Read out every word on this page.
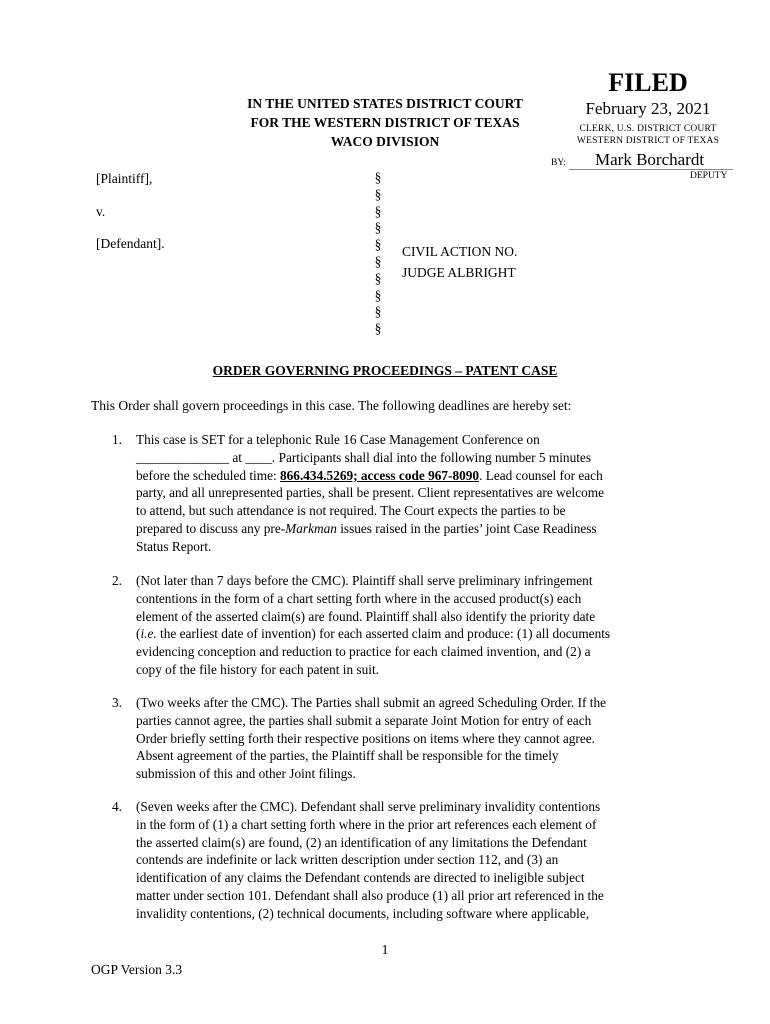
IN THE UNITED STATES DISTRICT COURT
FOR THE WESTERN DISTRICT OF TEXAS
WACO DIVISION
FILED
February 23, 2021
CLERK, U.S. DISTRICT COURT
WESTERN DISTRICT OF TEXAS
BY: Mark Borchardt
DEPUTY
[Plaintiff],
v.
[Defendant].
§
§
§
§
§
§
§
§
§
§
CIVIL ACTION NO.
JUDGE ALBRIGHT
ORDER GOVERNING PROCEEDINGS – PATENT CASE
This Order shall govern proceedings in this case. The following deadlines are hereby set:
1. This case is SET for a telephonic Rule 16 Case Management Conference on
______________ at ____. Participants shall dial into the following number 5 minutes
before the scheduled time: 866.434.5269; access code 967-8090. Lead counsel for each
party, and all unrepresented parties, shall be present. Client representatives are welcome
to attend, but such attendance is not required. The Court expects the parties to be
prepared to discuss any pre-Markman issues raised in the parties’ joint Case Readiness
Status Report.
2. (Not later than 7 days before the CMC). Plaintiff shall serve preliminary infringement
contentions in the form of a chart setting forth where in the accused product(s) each
element of the asserted claim(s) are found. Plaintiff shall also identify the priority date
(i.e. the earliest date of invention) for each asserted claim and produce: (1) all documents
evidencing conception and reduction to practice for each claimed invention, and (2) a
copy of the file history for each patent in suit.
3. (Two weeks after the CMC). The Parties shall submit an agreed Scheduling Order. If the
parties cannot agree, the parties shall submit a separate Joint Motion for entry of each
Order briefly setting forth their respective positions on items where they cannot agree.
Absent agreement of the parties, the Plaintiff shall be responsible for the timely
submission of this and other Joint filings.
4. (Seven weeks after the CMC). Defendant shall serve preliminary invalidity contentions
in the form of (1) a chart setting forth where in the prior art references each element of
the asserted claim(s) are found, (2) an identification of any limitations the Defendant
contends are indefinite or lack written description under section 112, and (3) an
identification of any claims the Defendant contends are directed to ineligible subject
matter under section 101. Defendant shall also produce (1) all prior art referenced in the
invalidity contentions, (2) technical documents, including software where applicable,
1
OGP Version 3.3
